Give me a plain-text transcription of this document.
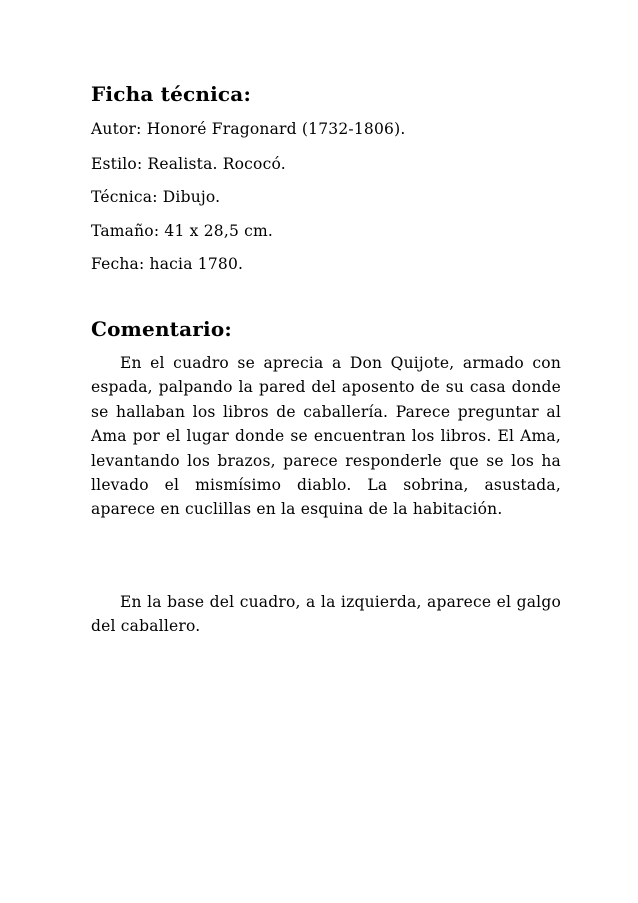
Ficha técnica:
Autor: Honoré Fragonard (1732-1806).
Estilo: Realista. Rococó.
Técnica: Dibujo.
Tamaño: 41 x 28,5 cm.
Fecha: hacia 1780.
Comentario:

En el cuadro se aprecia a Don Quijote, armado con espada, palpando la pared del aposento de su casa donde se hallaban los libros de caballería. Parece preguntar al Ama por el lugar donde se encuentran los libros. El Ama, levantando los brazos, parece responderle que se los ha llevado el mismísimo diablo. La sobrina, asustada, aparece en cuclillas en la esquina de la habitación.

En la base del cuadro, a la izquierda, aparece el galgo del caballero.
